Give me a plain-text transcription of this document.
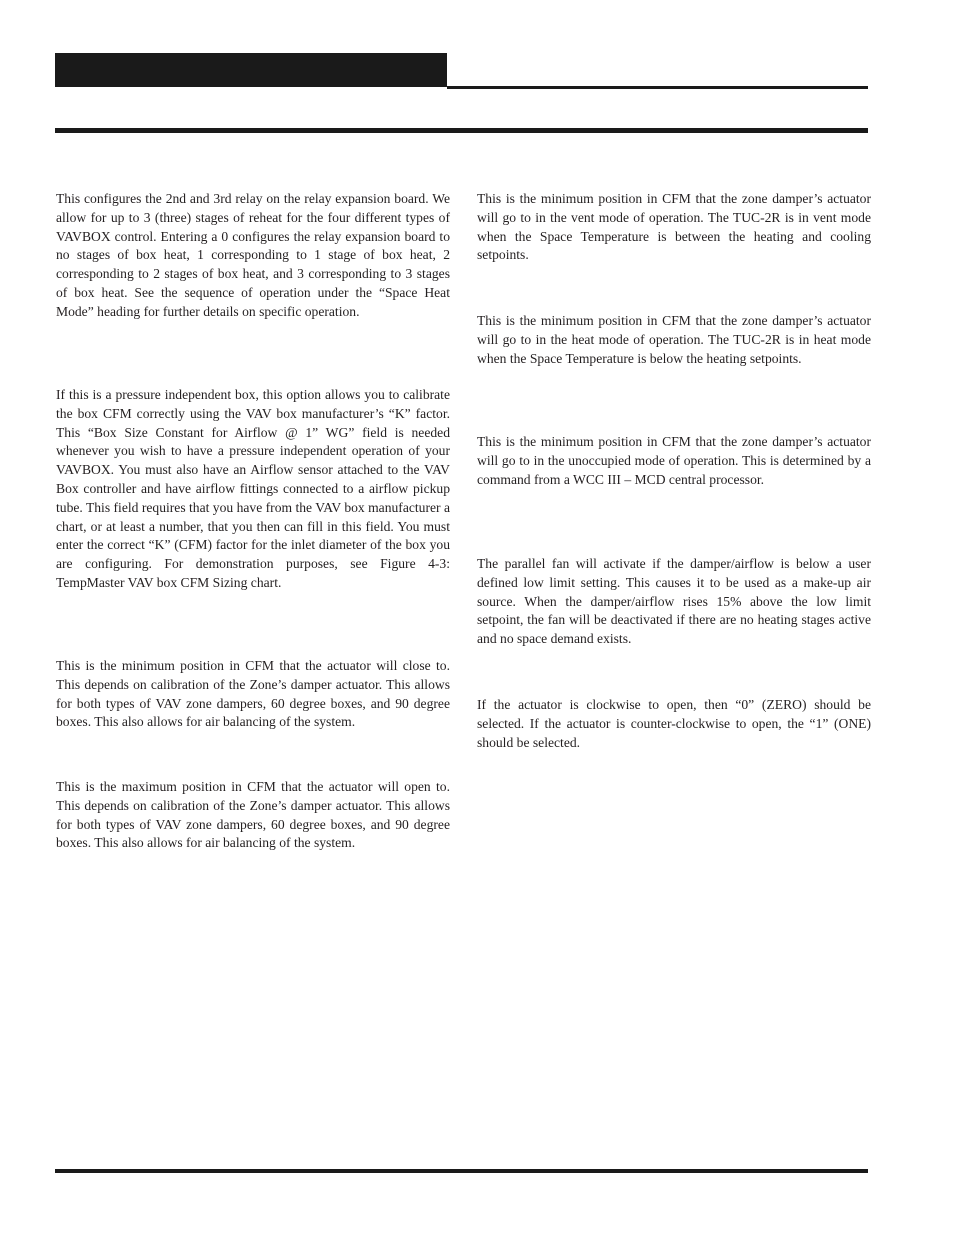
This configures the 2nd and 3rd relay on the relay expansion board. We allow for up to 3 (three) stages of reheat for the four different types of VAVBOX control. Entering a 0 configures the relay expansion board to no stages of box heat, 1 corresponding to 1 stage of box heat, 2 corresponding to 2 stages of box heat, and 3 corresponding to 3 stages of box heat. See the sequence of operation under the “Space Heat Mode” heading for further details on specific operation.

If this is a pressure independent box, this option allows you to calibrate the box CFM correctly using the VAV box manufacturer’s “K” factor. This “Box Size Constant for Airflow @ 1” WG” field is needed whenever you wish to have a pressure independent operation of your VAVBOX. You must also have an Airflow sensor attached to the VAV Box controller and have airflow fittings connected to a airflow pickup tube. This field requires that you have from the VAV box manufacturer a chart, or at least a number, that you then can fill in this field. You must enter the correct “K” (CFM) factor for the inlet diameter of the box you are configuring. For demonstration purposes, see Figure 4-3: TempMaster VAV box CFM Sizing chart.

This is the minimum position in CFM that the actuator will close to. This depends on calibration of the Zone’s damper actuator. This allows for both types of VAV zone dampers, 60 degree boxes, and 90 degree boxes. This also allows for air balancing of the system.

This is the maximum position in CFM that the actuator will open to. This depends on calibration of the Zone’s damper actuator. This allows for both types of VAV zone dampers, 60 degree boxes, and 90 degree boxes. This also allows for air balancing of the system.

This is the minimum position in CFM that the zone damper’s actuator will go to in the vent mode of operation. The TUC-2R is in vent mode when the Space Temperature is between the heating and cooling setpoints.

This is the minimum position in CFM that the zone damper’s actuator will go to in the heat mode of operation. The TUC-2R is in heat mode when the Space Temperature is below the heating setpoints.

This is the minimum position in CFM that the zone damper’s actuator will go to in the unoccupied mode of operation. This is determined by a command from a WCC III – MCD central processor.

The parallel fan will activate if the damper/airflow is below a user defined low limit setting. This causes it to be used as a make-up air source. When the damper/airflow rises 15% above the low limit setpoint, the fan will be deactivated if there are no heating stages active and no space demand exists.

If the actuator is clockwise to open, then “0” (ZERO) should be selected. If the actuator is counter-clockwise to open, the “1” (ONE) should be selected.
